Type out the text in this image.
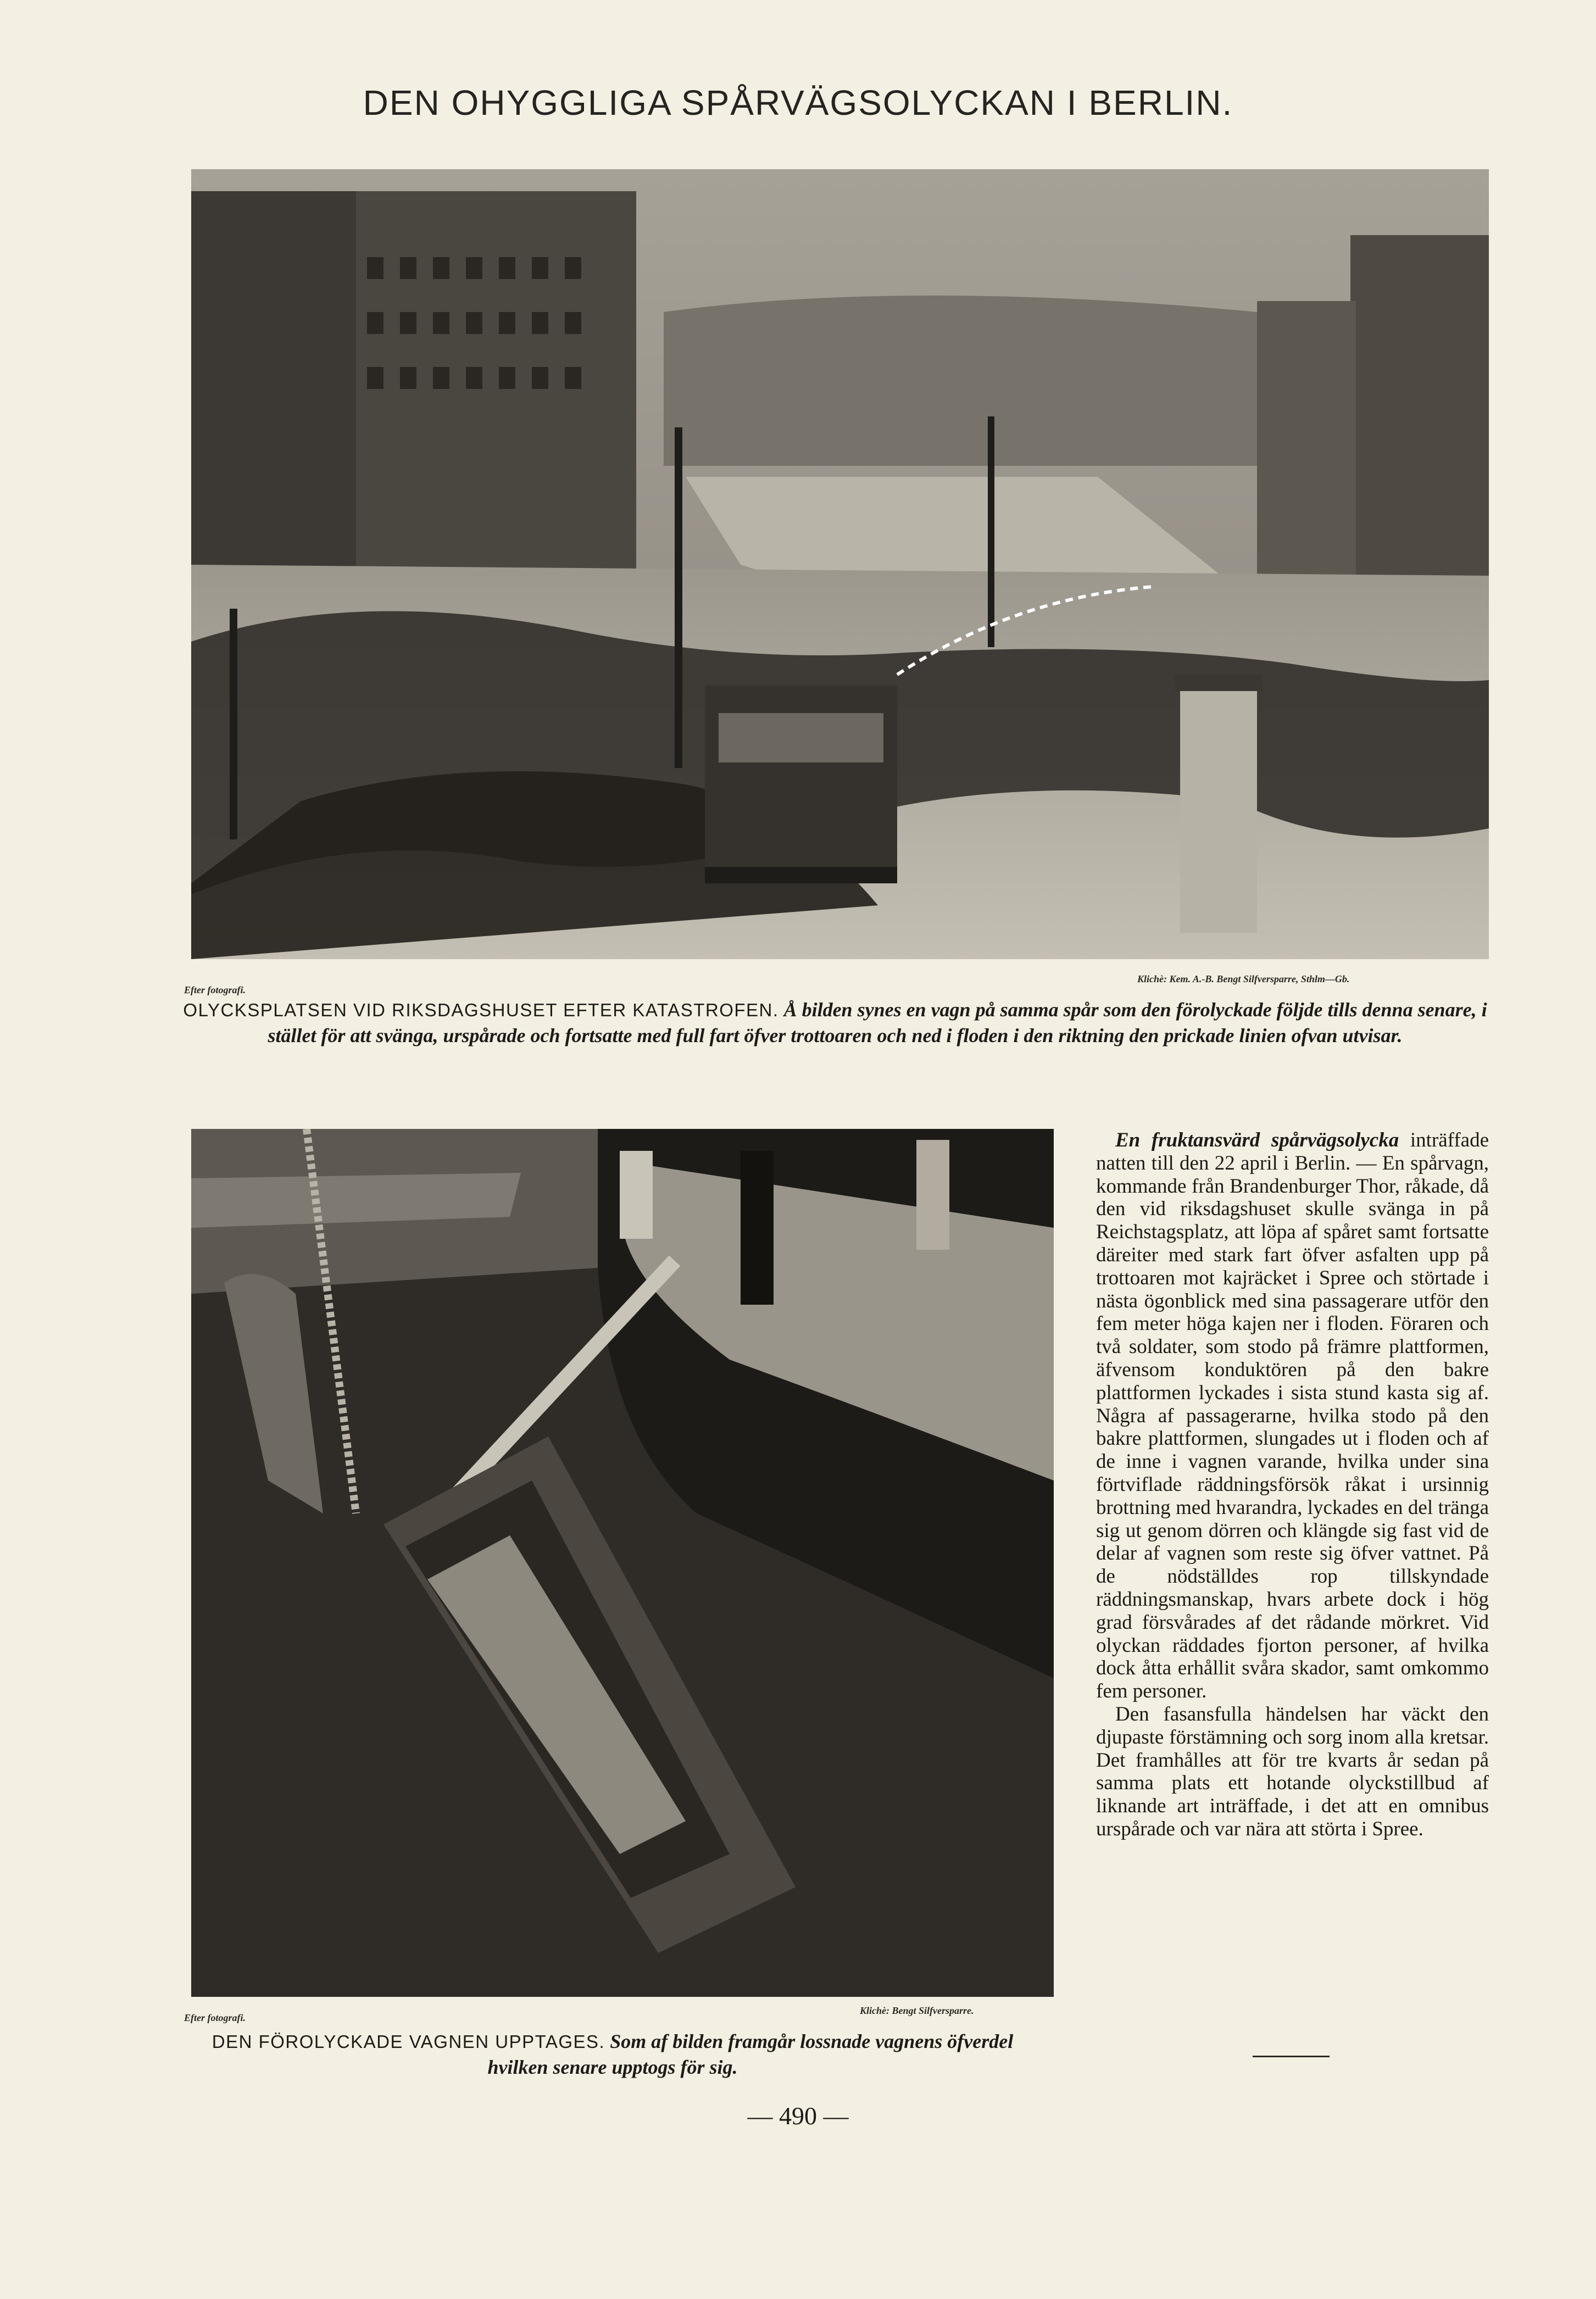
DEN OHYGGLIGA SPÅRVÄGSOLYCKAN I BERLIN.
Efter fotografi.
Klichè: Kem. A.-B. Bengt Silfversparre, Sthlm—Gb.
OLYCKSPLATSEN VID RIKSDAGSHUSET EFTER KATASTROFEN. Å bilden synes en vagn på samma spår som den förolyckade följde tills denna senare, i stället för att svänga, urspårade och fortsatte med full fart öfver trottoaren och ned i floden i den riktning den prickade linien ofvan utvisar.
Efter fotografi.
Klichè: Bengt Silfversparre.
DEN FÖROLYCKADE VAGNEN UPPTAGES. Som af bilden framgår lossnade vagnens öfverdel hvilken senare upptogs för sig.

En fruktansvärd spårvägsolycka inträffade natten till den 22 april i Berlin. — En spårvagn, kommande från Brandenburger Thor, råkade, då den vid riksdagshuset skulle svänga in på Reichstagsplatz, att löpa af spåret samt fortsatte däreiter med stark fart öfver asfalten upp på trottoaren mot kajräcket i Spree och störtade i nästa ögonblick med sina passagerare utför den fem meter höga kajen ner i floden. Föraren och två soldater, som stodo på främre plattformen, äfvensom konduktören på den bakre plattformen lyckades i sista stund kasta sig af. Några af passagerarne, hvilka stodo på den bakre plattformen, slungades ut i floden och af de inne i vagnen varande, hvilka under sina förtviflade räddningsförsök råkat i ursinnig brottning med hvarandra, lyckades en del tränga sig ut genom dörren och klängde sig fast vid de delar af vagnen som reste sig öfver vattnet. På de nödställdes rop tillskyndade räddningsmanskap, hvars arbete dock i hög grad försvårades af det rådande mörkret. Vid olyckan räddades fjorton personer, af hvilka dock åtta erhållit svåra skador, samt omkommo fem personer.

Den fasansfulla händelsen har väckt den djupaste förstämning och sorg inom alla kretsar. Det framhålles att för tre kvarts år sedan på samma plats ett hotande olyckstillbud af liknande art inträffade, i det att en omnibus urspårade och var nära att störta i Spree.

— 490 —
